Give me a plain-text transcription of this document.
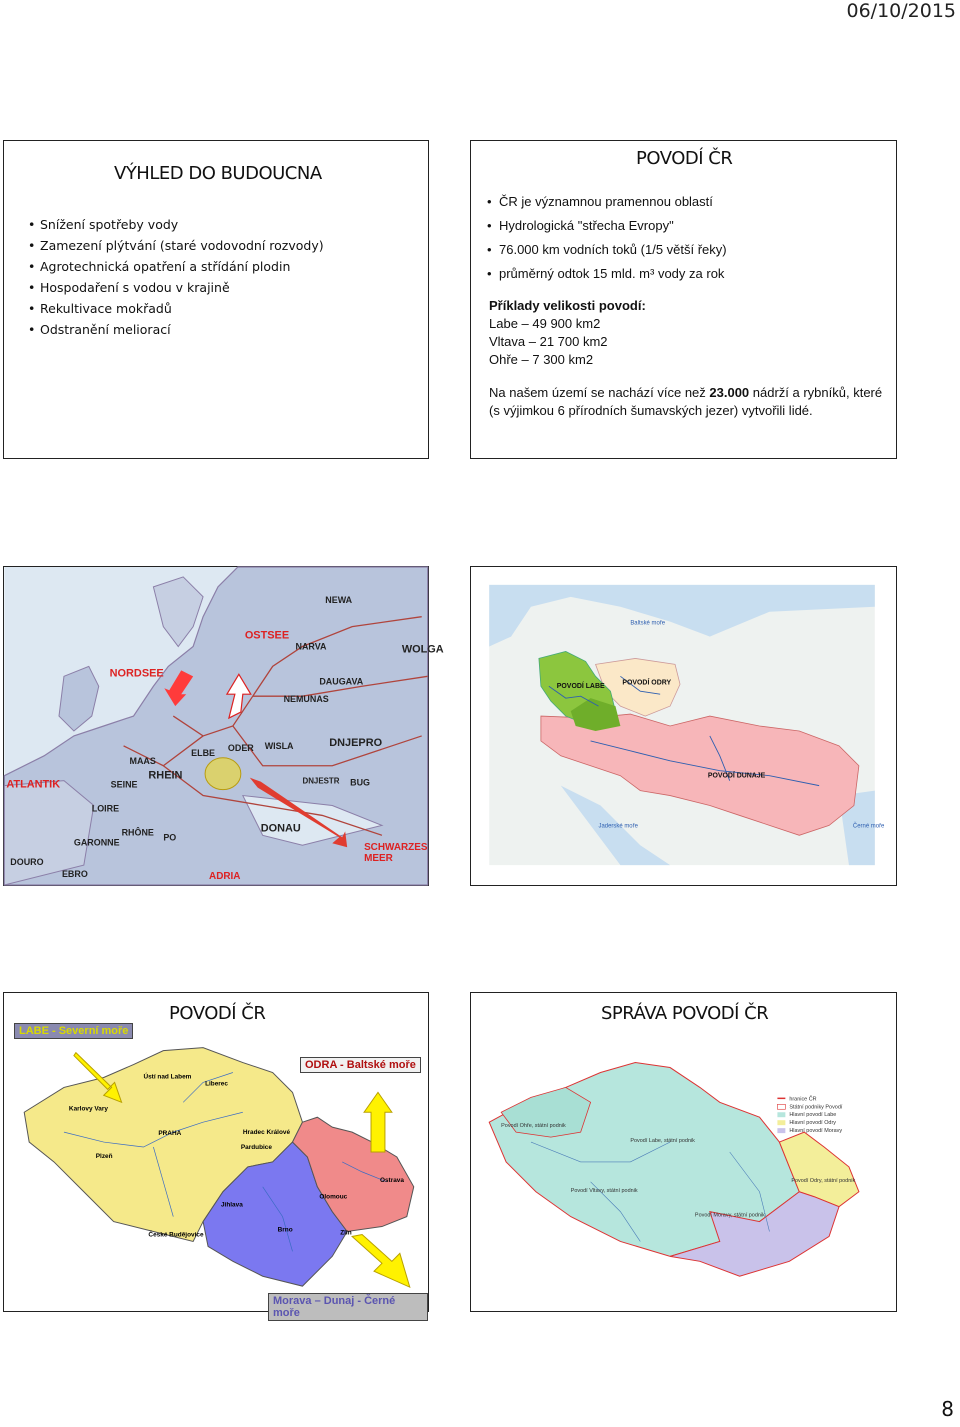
06/10/2015
VÝHLED DO BUDOUCNA
• Snížení spotřeby vody
• Zamezení plýtvání (staré vodovodní rozvody)
• Agrotechnická opatření a střídání plodin
• Hospodaření s vodou v krajině
• Rekultivace mokřadů
• Odstranění meliorací
POVODÍ ČR
• ČR je významnou pramennou oblastí
• Hydrologická "střecha Evropy"
• 76.000 km vodních toků (1/5 větší řeky)
• průměrný odtok 15 mld. m³ vody za rok
Příklady velikosti povodí:
Labe – 49 900 km2
Vltava – 21 700 km2
Ohře – 7 300 km2
Na našem území se nachází více než 23.000 nádrží a rybníků, které (s výjimkou 6 přírodních šumavských jezer) vytvořili lidé.
NORDSEE
OSTSEE
ATLANTIK
SCHWARZES MEER
ADRIA
NEWA
NARVA
DAUGAVA
NEMUNAS
WISLA	DNJEPRO
ODER
ELBE
RHEIN
SEINE
LOIRE
RHÔNE PO
DONAU
GARONNE
DOURO
EBRO
MAAS
BUG
DNJESTR
WOLGA
POVODÍ LABE
POVODÍ ODRY
POVODÍ DUNAJE
Baltské moře
Jaderské moře	Černé moře
POVODÍ ČR
Ústí nad Labem
Liberec
Karlovy Vary
PRAHA	Hradec Králové
Pardubice
Plzeň
Ostrava
Olomouc
Jihlava
Brno	Zlín
České Budějovice
LABE - Severní moře
ODRA - Baltské moře
Morava – Dunaj - Černé moře
SPRÁVA POVODÍ ČR
hranice ČR
Státní podniky Povodí
Hlavní povodí Labe
Hlavní povodí Odry
Hlavní povodí Moravy
Povodí Ohře, státní podnik
Povodí Labe, státní podnik
Povodí Vltavy, státní podnik
Povodí Odry, státní podnik
Povodí Moravy, státní podnik
8
